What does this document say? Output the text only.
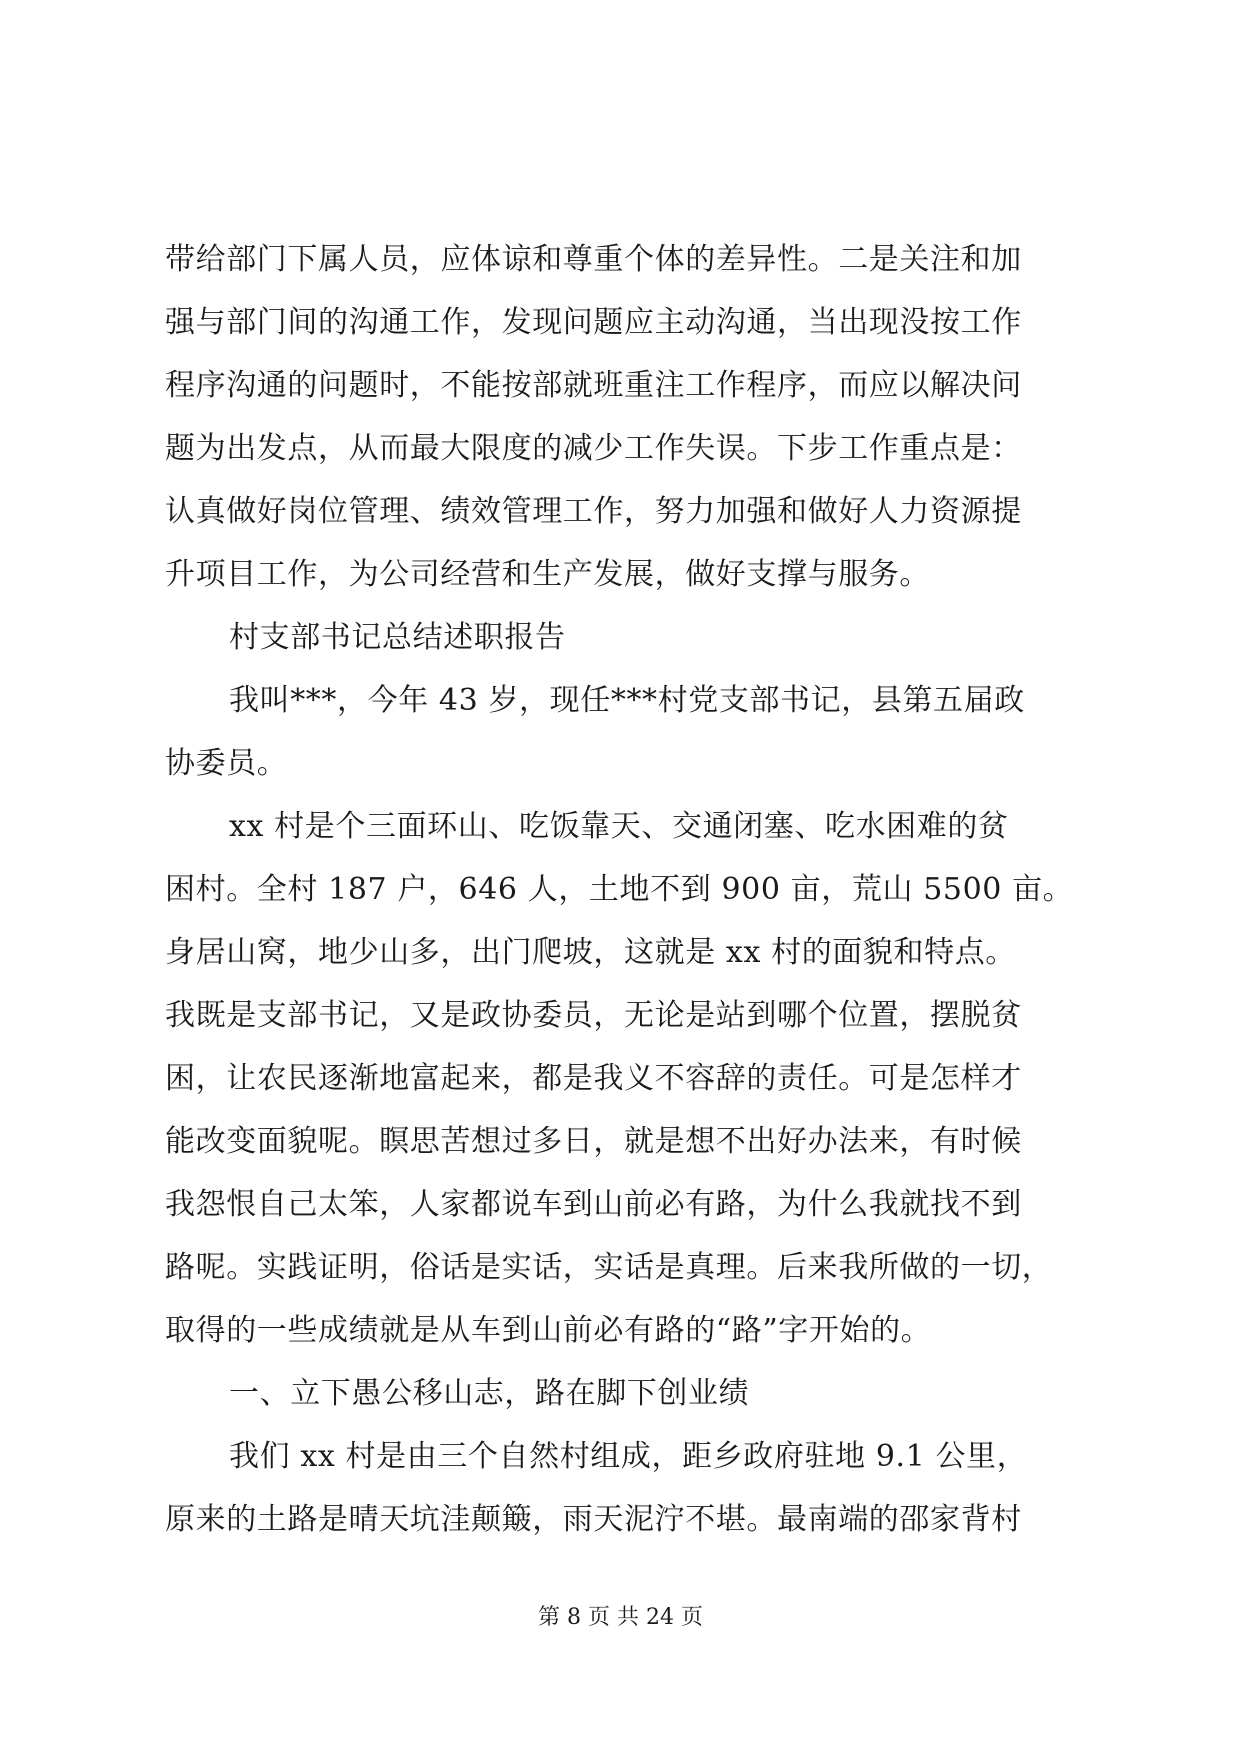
带给部门下属人员，应体谅和尊重个体的差异性。二是关注和加
强与部门间的沟通工作，发现问题应主动沟通，当出现没按工作
程序沟通的问题时，不能按部就班重注工作程序，而应以解决问
题为出发点，从而最大限度的减少工作失误。下步工作重点是：
认真做好岗位管理、绩效管理工作，努力加强和做好人力资源提
升项目工作，为公司经营和生产发展，做好支撑与服务。
村支部书记总结述职报告
我叫***，今年 43 岁，现任***村党支部书记，县第五届政
协委员。
xx 村是个三面环山、吃饭靠天、交通闭塞、吃水困难的贫
困村。全村 187 户，646 人，土地不到 900 亩，荒山 5500 亩。
身居山窝，地少山多，出门爬坡，这就是 xx 村的面貌和特点。
我既是支部书记，又是政协委员，无论是站到哪个位置，摆脱贫
困，让农民逐渐地富起来，都是我义不容辞的责任。可是怎样才
能改变面貌呢。瞑思苦想过多日，就是想不出好办法来，有时候
我怨恨自己太笨，人家都说车到山前必有路，为什么我就找不到
路呢。实践证明，俗话是实话，实话是真理。后来我所做的一切，
取得的一些成绩就是从车到山前必有路的“路”字开始的。
一、立下愚公移山志，路在脚下创业绩
我们 xx 村是由三个自然村组成，距乡政府驻地 9.1 公里，
原来的土路是晴天坑洼颠簸，雨天泥泞不堪。最南端的邵家背村
第 8 页 共 24 页
